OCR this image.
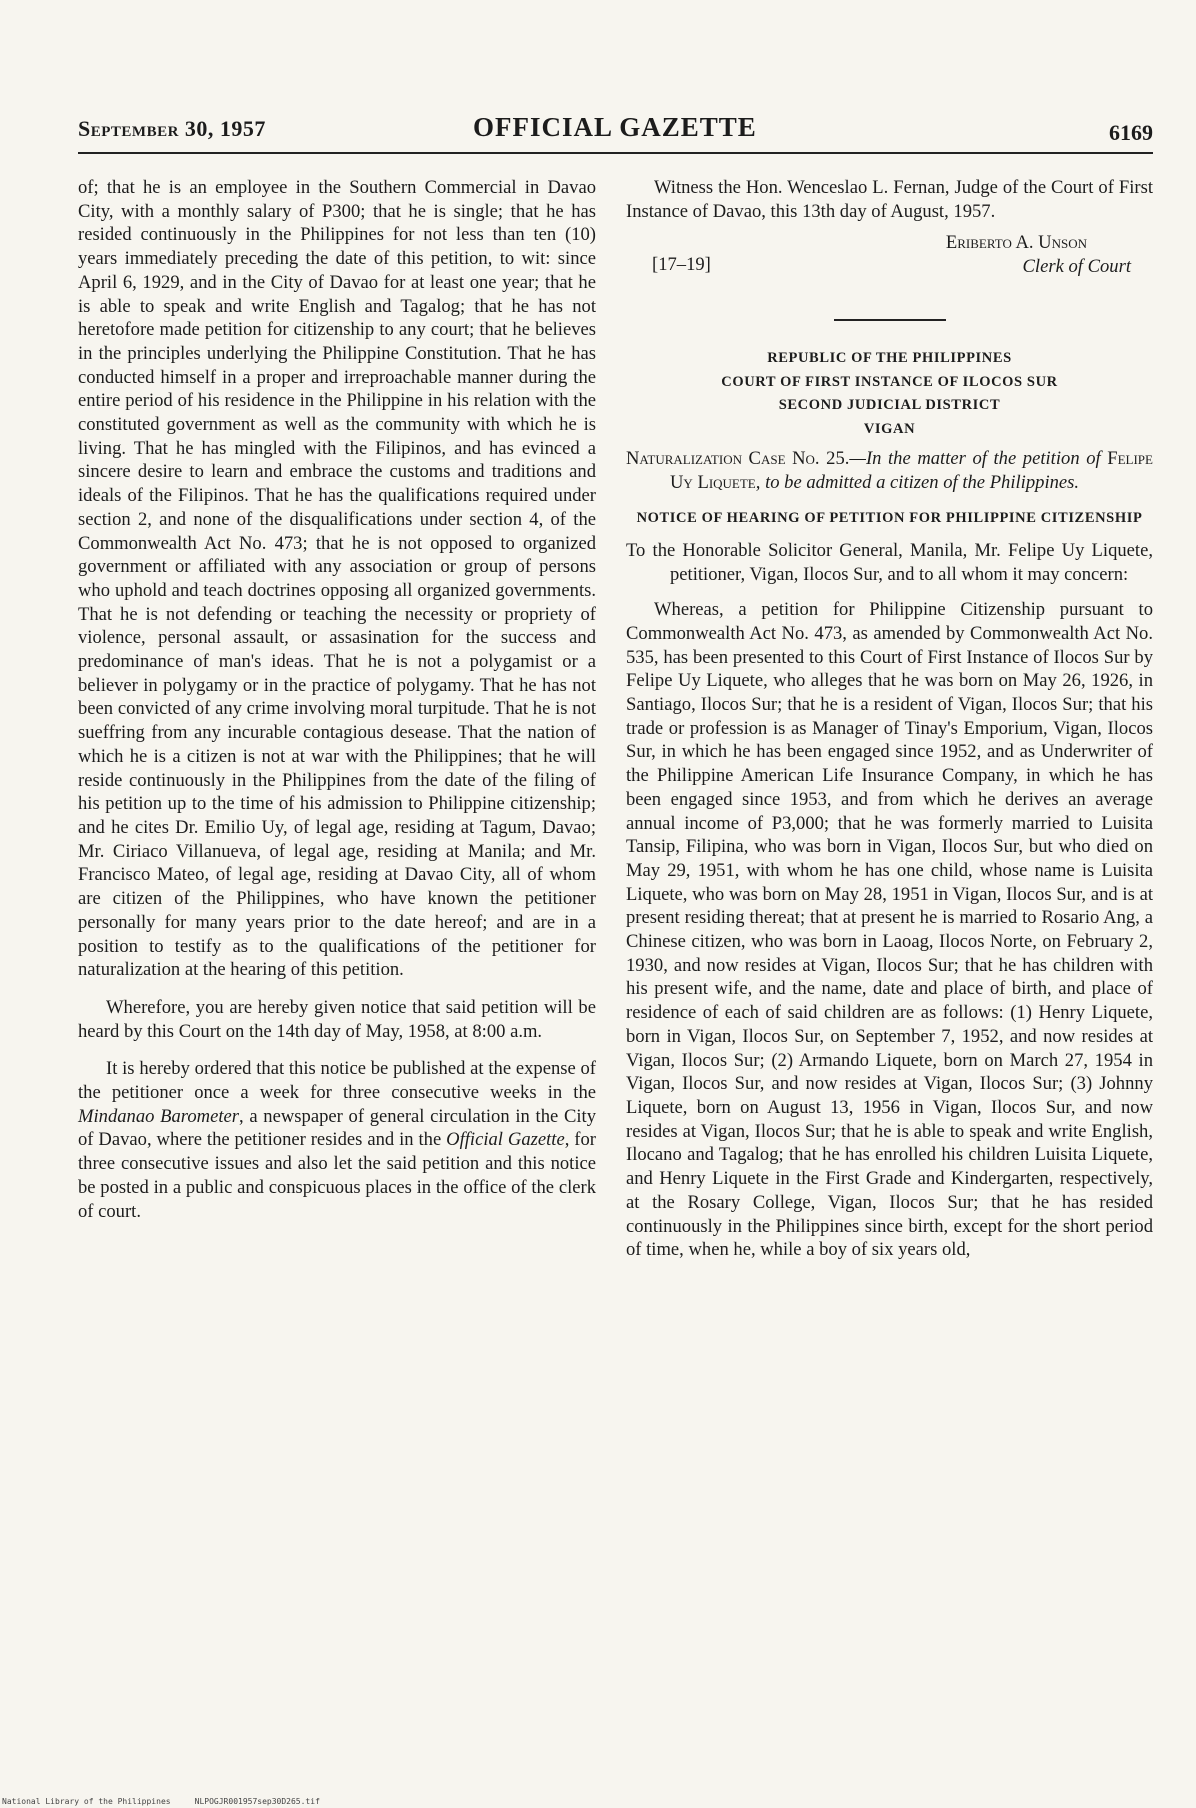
September 30, 1957	OFFICIAL GAZETTE	6169

of; that he is an employee in the Southern Commercial in Davao City, with a monthly salary of P300; that he is single; that he has resided continuously in the Philippines for not less than ten (10) years immediately preceding the date of this petition, to wit: since April 6, 1929, and in the City of Davao for at least one year; that he is able to speak and write English and Tagalog; that he has not heretofore made petition for citizenship to any court; that he believes in the principles underlying the Philippine Constitution. That he has conducted himself in a proper and irreproachable manner during the entire period of his residence in the Philippine in his relation with the constituted government as well as the community with which he is living. That he has mingled with the Filipinos, and has evinced a sincere desire to learn and embrace the customs and traditions and ideals of the Filipinos. That he has the qualifications required under section 2, and none of the disqualifications under section 4, of the Commonwealth Act No. 473; that he is not opposed to organized government or affiliated with any association or group of persons who uphold and teach doctrines opposing all organized governments. That he is not defending or teaching the necessity or propriety of violence, personal assault, or assasination for the success and predominance of man's ideas. That he is not a polygamist or a believer in polygamy or in the practice of polygamy. That he has not been convicted of any crime involving moral turpitude. That he is not sueffring from any incurable contagious desease. That the nation of which he is a citizen is not at war with the Philippines; that he will reside continuously in the Philippines from the date of the filing of his petition up to the time of his admission to Philippine citizenship; and he cites Dr. Emilio Uy, of legal age, residing at Tagum, Davao; Mr. Ciriaco Villanueva, of legal age, residing at Manila; and Mr. Francisco Mateo, of legal age, residing at Davao City, all of whom are citizen of the Philippines, who have known the petitioner personally for many years prior to the date hereof; and are in a position to testify as to the qualifications of the petitioner for naturalization at the hearing of this petition.

Wherefore, you are hereby given notice that said petition will be heard by this Court on the 14th day of May, 1958, at 8:00 a.m.

It is hereby ordered that this notice be published at the expense of the petitioner once a week for three consecutive weeks in the Mindanao Barometer, a newspaper of general circulation in the City of Davao, where the petitioner resides and in the Official Gazette, for three consecutive issues and also let the said petition and this notice be posted in a public and conspicuous places in the office of the clerk of court.

Witness the Hon. Wenceslao L. Fernan, Judge of the Court of First Instance of Davao, this 13th day of August, 1957.

[17–19]
Eriberto A. Unson
Clerk of Court
REPUBLIC OF THE PHILIPPINES
COURT OF FIRST INSTANCE OF ILOCOS SUR
SECOND JUDICIAL DISTRICT
VIGAN

Naturalization Case No. 25.—In the matter of the petition of Felipe Uy Liquete, to be admitted a citizen of the Philippines.

NOTICE OF HEARING OF PETITION FOR PHILIPPINE CITIZENSHIP

To the Honorable Solicitor General, Manila, Mr. Felipe Uy Liquete, petitioner, Vigan, Ilocos Sur, and to all whom it may concern:

Whereas, a petition for Philippine Citizenship pursuant to Commonwealth Act No. 473, as amended by Commonwealth Act No. 535, has been presented to this Court of First Instance of Ilocos Sur by Felipe Uy Liquete, who alleges that he was born on May 26, 1926, in Santiago, Ilocos Sur; that he is a resident of Vigan, Ilocos Sur; that his trade or profession is as Manager of Tinay's Emporium, Vigan, Ilocos Sur, in which he has been engaged since 1952, and as Underwriter of the Philippine American Life Insurance Company, in which he has been engaged since 1953, and from which he derives an average annual income of P3,000; that he was formerly married to Luisita Tansip, Filipina, who was born in Vigan, Ilocos Sur, but who died on May 29, 1951, with whom he has one child, whose name is Luisita Liquete, who was born on May 28, 1951 in Vigan, Ilocos Sur, and is at present residing thereat; that at present he is married to Rosario Ang, a Chinese citizen, who was born in Laoag, Ilocos Norte, on February 2, 1930, and now resides at Vigan, Ilocos Sur; that he has children with his present wife, and the name, date and place of birth, and place of residence of each of said children are as follows: (1) Henry Liquete, born in Vigan, Ilocos Sur, on September 7, 1952, and now resides at Vigan, Ilocos Sur; (2) Armando Liquete, born on March 27, 1954 in Vigan, Ilocos Sur, and now resides at Vigan, Ilocos Sur; (3) Johnny Liquete, born on August 13, 1956 in Vigan, Ilocos Sur, and now resides at Vigan, Ilocos Sur; that he is able to speak and write English, Ilocano and Tagalog; that he has enrolled his children Luisita Liquete, and Henry Liquete in the First Grade and Kindergarten, respectively, at the Rosary College, Vigan, Ilocos Sur; that he has resided continuously in the Philippines since birth, except for the short period of time, when he, while a boy of six years old,

National Library of the Philippines     NLPOGJR001957sep30D265.tif
